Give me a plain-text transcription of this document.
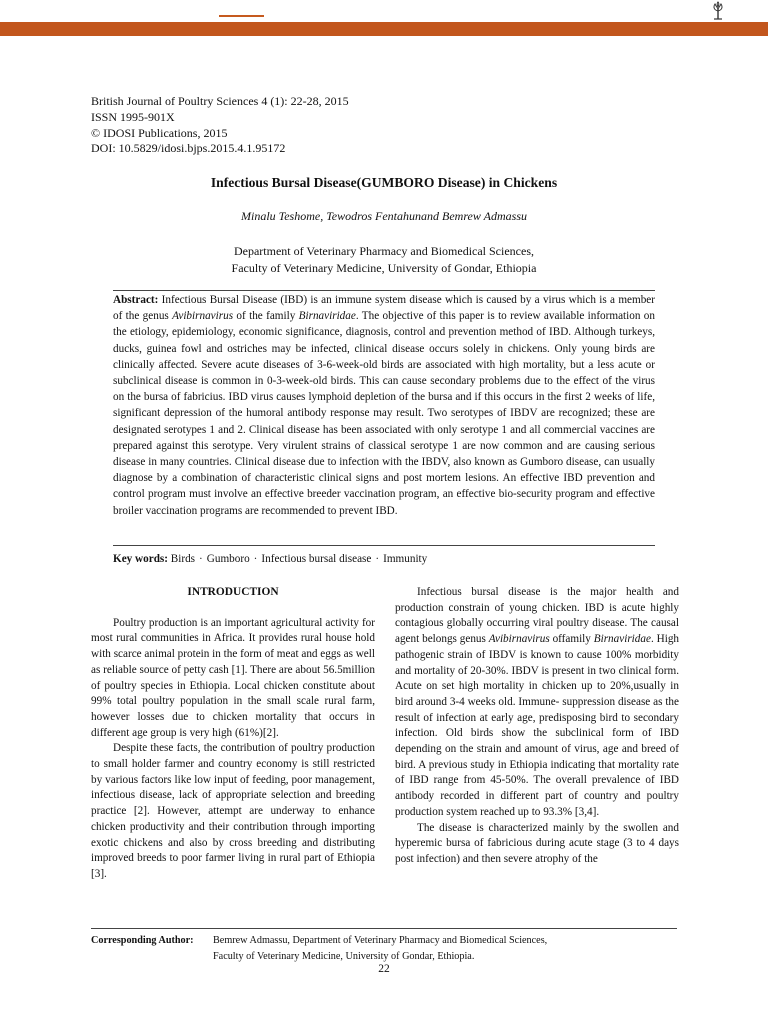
British Journal of Poultry Sciences 4 (1): 22-28, 2015
ISSN 1995-901X
© IDOSI Publications, 2015
DOI: 10.5829/idosi.bjps.2015.4.1.95172
Infectious Bursal Disease(GUMBORO Disease) in Chickens
Minalu Teshome, Tewodros Fentahunand Bemrew Admassu
Department of Veterinary Pharmacy and Biomedical Sciences,
Faculty of Veterinary Medicine, University of Gondar, Ethiopia
Abstract: Infectious Bursal Disease (IBD) is an immune system disease which is caused by a virus which is a member of the genus Avibirnavirus of the family Birnaviridae. The objective of this paper is to review available information on the etiology, epidemiology, economic significance, diagnosis, control and prevention method of IBD. Although turkeys, ducks, guinea fowl and ostriches may be infected, clinical disease occurs solely in chickens. Only young birds are clinically affected. Severe acute diseases of 3-6-week-old birds are associated with high mortality, but a less acute or subclinical disease is common in 0-3-week-old birds. This can cause secondary problems due to the effect of the virus on the bursa of fabricius. IBD virus causes lymphoid depletion of the bursa and if this occurs in the first 2 weeks of life, significant depression of the humoral antibody response may result. Two serotypes of IBDV are recognized; these are designated serotypes 1 and 2. Clinical disease has been associated with only serotype 1 and all commercial vaccines are prepared against this serotype. Very virulent strains of classical serotype 1 are now common and are causing serious disease in many countries. Clinical disease due to infection with the IBDV, also known as Gumboro disease, can usually diagnose by a combination of characteristic clinical signs and post mortem lesions. An effective IBD prevention and control program must involve an effective breeder vaccination program, an effective bio-security program and effective broiler vaccination programs are recommended to prevent IBD.
Key words: Birds · Gumboro · Infectious bursal disease · Immunity
INTRODUCTION

Poultry production is an important agricultural activity for most rural communities in Africa. It provides rural house hold with scarce animal protein in the form of meat and eggs as well as reliable source of petty cash [1]. There are about 56.5million of poultry species in Ethiopia. Local chicken constitute about 99% total poultry population in the small scale rural farm, however losses due to chicken mortality that occurs in different age group is very high (61%)[2].

Despite these facts, the contribution of poultry production to small holder farmer and country economy is still restricted by various factors like low input of feeding, poor management, infectious disease, lack of appropriate selection and breeding practice [2]. However, attempt are underway to enhance chicken productivity and their contribution through importing exotic chickens and also by cross breeding and distributing improved breeds to poor farmer living in rural part of Ethiopia [3].

Infectious bursal disease is the major health and production constrain of young chicken. IBD is acute highly contagious globally occurring viral poultry disease. The causal agent belongs genus Avibirnavirus offamily Birnaviridae. High pathogenic strain of IBDV is known to cause 100% morbidity and mortality of 20-30%. IBDV is present in two clinical form. Acute on set high mortality in chicken up to 20%,usually in bird around 3-4 weeks old. Immune- suppression disease as the result of infection at early age, predisposing bird to secondary infection. Old birds show the subclinical form of IBD depending on the strain and amount of virus, age and breed of bird. A previous study in Ethiopia indicating that mortality rate of IBD range from 45-50%. The overall prevalence of IBD antibody recorded in different part of country and poultry production system reached up to 93.3% [3,4].

The disease is characterized mainly by the swollen and hyperemic bursa of fabricious during acute stage (3 to 4 days post infection) and then severe atrophy of the

Corresponding Author: Bemrew Admassu, Department of Veterinary Pharmacy and Biomedical Sciences,
Faculty of Veterinary Medicine, University of Gondar, Ethiopia.
22
